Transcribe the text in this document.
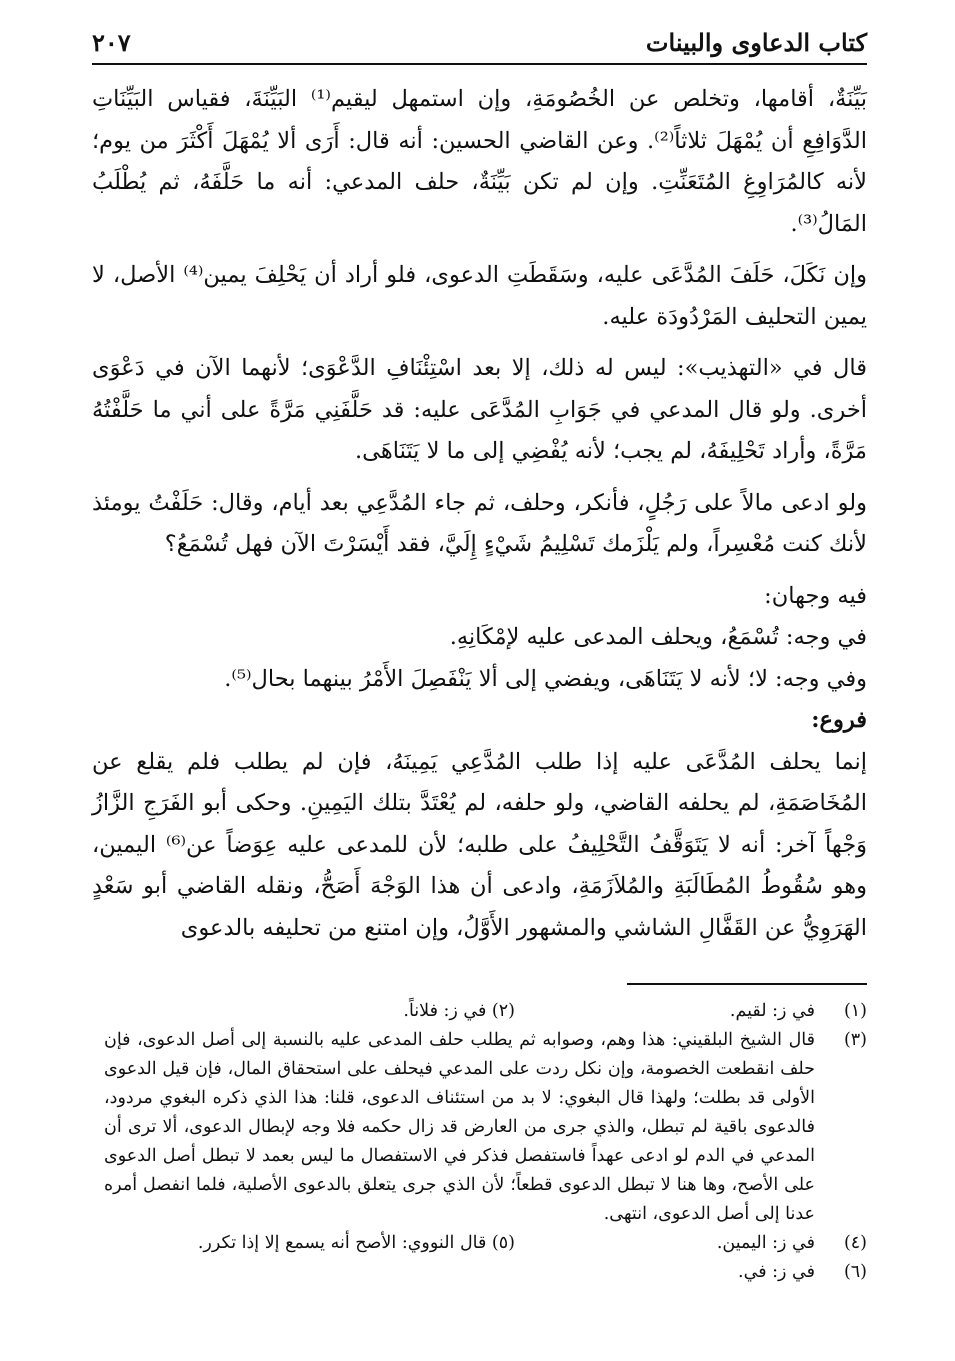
كتاب الدعاوى والبينات
٢٠٧

بَيِّنَةٌ، أقامها، وتخلص عن الخُصُومَةِ، وإن استمهل ليقيم⁽¹⁾ البَيِّنَةَ، فقياس البَيِّنَاتِ الدَّوَافِعِ أن يُمْهَلَ ثلاثاً⁽²⁾. وعن القاضي الحسين: أنه قال: أَرَى ألا يُمْهَلَ أَكْثَرَ من يوم؛ لأنه كالمُرَاوِغِ المُتَعَنِّتِ. وإن لم تكن بَيِّنَةٌ، حلف المدعي: أنه ما حَلَّفَهُ، ثم يُطْلَبُ المَالُ⁽³⁾.

وإن نَكَلَ، حَلَفَ المُدَّعَى عليه، وسَقَطَتِ الدعوى، فلو أراد أن يَحْلِفَ يمين⁽⁴⁾ الأصل، لا يمين التحليف المَرْدُودَة عليه.

قال في «التهذيب»: ليس له ذلك، إلا بعد اسْتِئْنَافِ الدَّعْوَى؛ لأنهما الآن في دَعْوَى أخرى. ولو قال المدعي في جَوَابِ المُدَّعَى عليه: قد حَلَّفَنِي مَرَّةً على أني ما حَلَّفْتُهُ مَرَّةً، وأراد تَحْلِيفَهُ، لم يجب؛ لأنه يُفْضِي إلى ما لا يَتَنَاهَى.

ولو ادعى مالاً على رَجُلٍ، فأنكر، وحلف، ثم جاء المُدَّعِي بعد أيام، وقال: حَلَفْتُ يومئذ لأنك كنت مُعْسِراً، ولم يَلْزَمك تَسْلِيمُ شَيْءٍ إِلَيَّ، فقد أَيْسَرْتَ الآن فهل تُسْمَعُ؟

فيه وجهان:

في وجه: تُسْمَعُ، ويحلف المدعى عليه لإمْكَانِهِ.

وفي وجه: لا؛ لأنه لا يَتَنَاهَى، ويفضي إلى ألا يَنْفَصِلَ الأَمْرُ بينهما بحال⁽⁵⁾.

فروع:

إنما يحلف المُدَّعَى عليه إذا طلب المُدَّعِي يَمِينَهُ، فإن لم يطلب فلم يقلع عن المُخَاصَمَةِ، لم يحلفه القاضي، ولو حلفه، لم يُعْتَدَّ بتلك اليَمِينِ. وحكى أبو الفَرَجِ الزَّازُ وَجْهاً آخر: أنه لا يَتَوَقَّفُ التَّحْلِيفُ على طلبه؛ لأن للمدعى عليه عِوَضاً عن⁽⁶⁾ اليمين، وهو سُقُوطُ المُطَالَبَةِ والمُلاَزَمَةِ، وادعى أن هذا الوَجْهَ أَصَحُّ، ونقله القاضي أبو سَعْدٍ الهَرَوِيُّ عن القَفَّالِ الشاشي والمشهور الأَوَّلُ، وإن امتنع من تحليفه بالدعوى

(١)
في ز: لقيم.
(٢) في ز: فلاناً.
(٣)
قال الشيخ البلقيني: هذا وهم، وصوابه ثم يطلب حلف المدعى عليه بالنسبة إلى أصل الدعوى، فإن حلف انقطعت الخصومة، وإن نكل ردت على المدعي فيحلف على استحقاق المال، فإن قيل الدعوى الأولى قد بطلت؛ ولهذا قال البغوي: لا بد من استئناف الدعوى، قلنا: هذا الذي ذكره البغوي مردود، فالدعوى باقية لم تبطل، والذي جرى من العارض قد زال حكمه فلا وجه لإبطال الدعوى، ألا ترى أن المدعي في الدم لو ادعى عهداً فاستفصل فذكر في الاستفصال ما ليس بعمد لا تبطل أصل الدعوى على الأصح، وها هنا لا تبطل الدعوى قطعاً؛ لأن الذي جرى يتعلق بالدعوى الأصلية، فلما انفصل أمره عدنا إلى أصل الدعوى، انتهى.
(٤)
في ز: اليمين.
(٥) قال النووي: الأصح أنه يسمع إلا إذا تكرر.
(٦)
في ز: في.
